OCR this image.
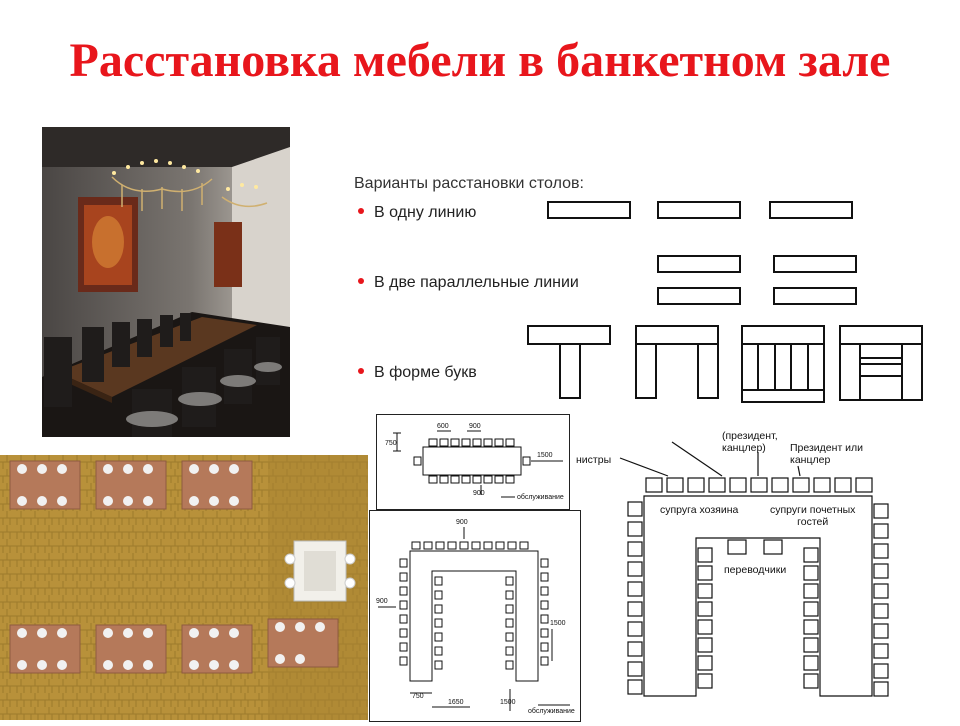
Расстановка мебели в банкетном зале
Варианты расстановки столов:
В одну линию
В две параллельные линии
В форме букв
750
600	900
1500
900
обслуживание
900
900
1500
750
1650	1500
обслуживание
нистры
(президент,
канцлер)	Президент или
канцлер
супруга хозяина	супруги почетных
гостей
переводчики
